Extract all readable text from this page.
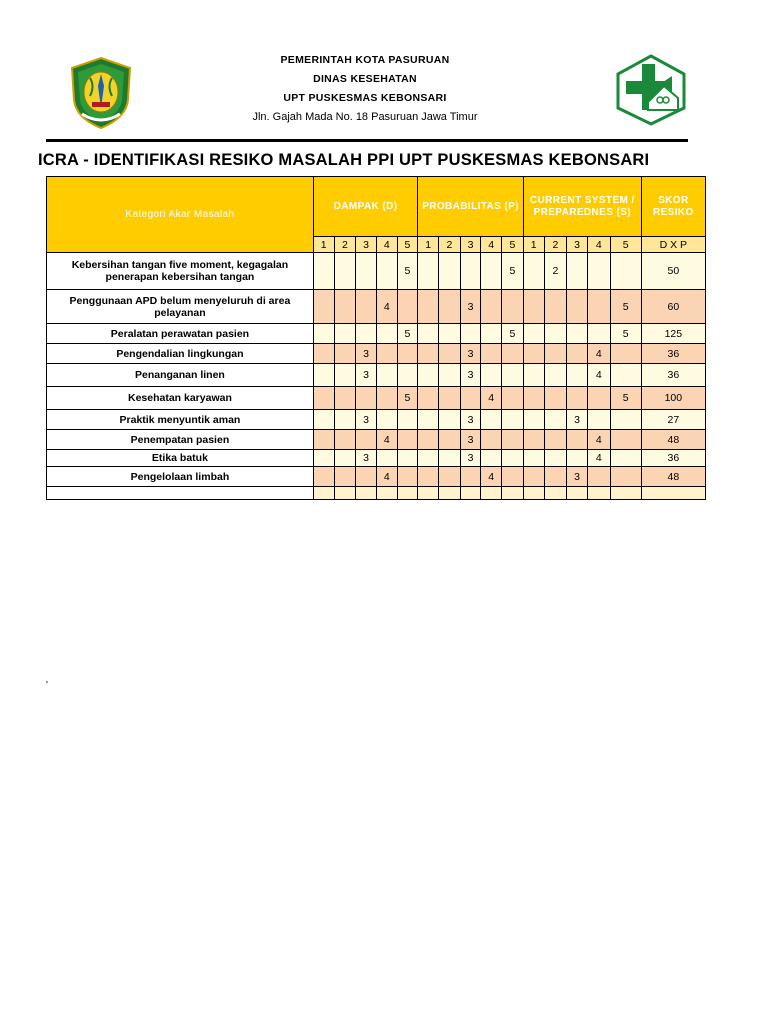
PEMERINTAH KOTA PASURUAN
DINAS KESEHATAN
UPT PUSKESMAS KEBONSARI
Jln. Gajah Mada No. 18 Pasuruan Jawa Timur
ICRA - IDENTIFIKASI RESIKO MASALAH PPI UPT PUSKESMAS KEBONSARI
Kategori Akar Masalah	DAMPAK (D)					PROBABILITAS (P)					CURRENT SYSTEM / PREPAREDNES (S)					SKOR RESIKO
	1	2	3	4	5	1	2	3	4	5	1	2	3	4	5	D X P
Kebersihan tangan five moment, kegagalan penerapan kebersihan tangan					5					5		2				50
Penggunaan APD belum menyeluruh di area pelayanan				4				3							5	60
Peralatan perawatan pasien					5					5					5	125
Pengendalian lingkungan			3					3						4		36
Penanganan linen			3					3						4		36
Kesehatan karyawan					5				4						5	100
Praktik menyuntik aman			3					3					3			27
Penempatan pasien				4				3						4		48
Etika batuk			3					3						4		36
Pengelolaan limbah				4					4				3			48

'
